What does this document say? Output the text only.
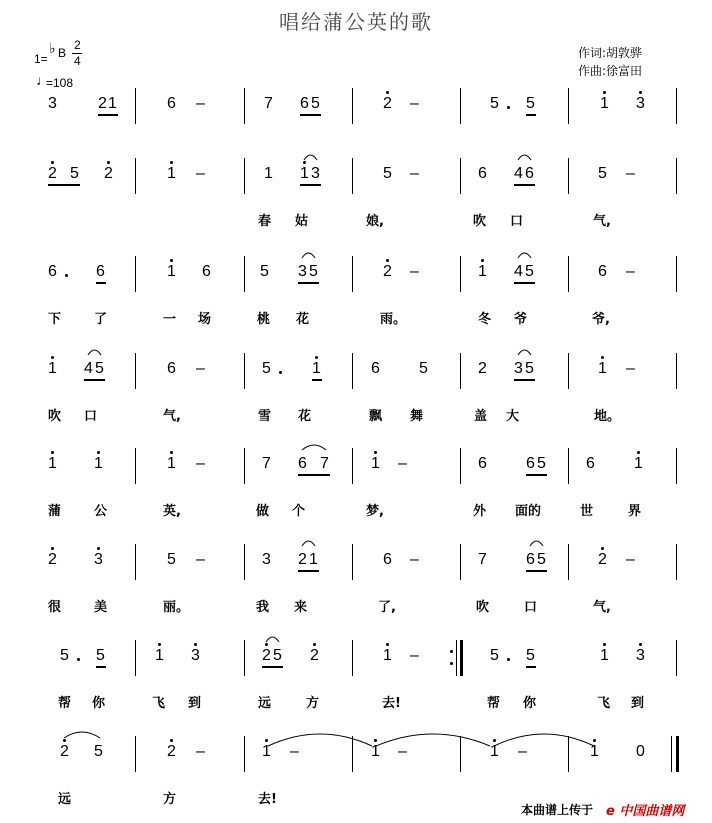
唱给蒲公英的歌
1=
♭ B
2
4
♩
=108
作词:胡敦骅
作曲:徐富田
3	2 1	6 –	7 6 5	2 –	5 5	1 3
2 5 2	1 –	1 1 3	5 –	6 4 6	5 –
春 姑	娘,	吹 口	气,
6 6	1 6	5 3 5	2 –	1 4 5	6 –
下	了	一 场	桃 花	雨。	冬 爷	爷,
1 4 5	6 –	5	1	6 5	2 3 5	1 –
吹 口	气,	雪 花	飘 舞	盖 大	地。
1 1	1 –	7 6 7	1 –	6 6 5	6 1
蒲	公	英,	做 个	梦,	外 面的	世	界
2 3	5 –	3 2 1	6 –	7 6 5	2 –
很	美	丽。	我 来	了,	吹	口	气,
5 5	1 3	2 5 2	1 –	5 5	1 3
帮 你	飞 到	远	方	去!	帮 你	飞 到
2 5	2 –	1 –	1 –	1 –	1 0
远	方	去!
本曲谱上传于 e 中国曲谱网
